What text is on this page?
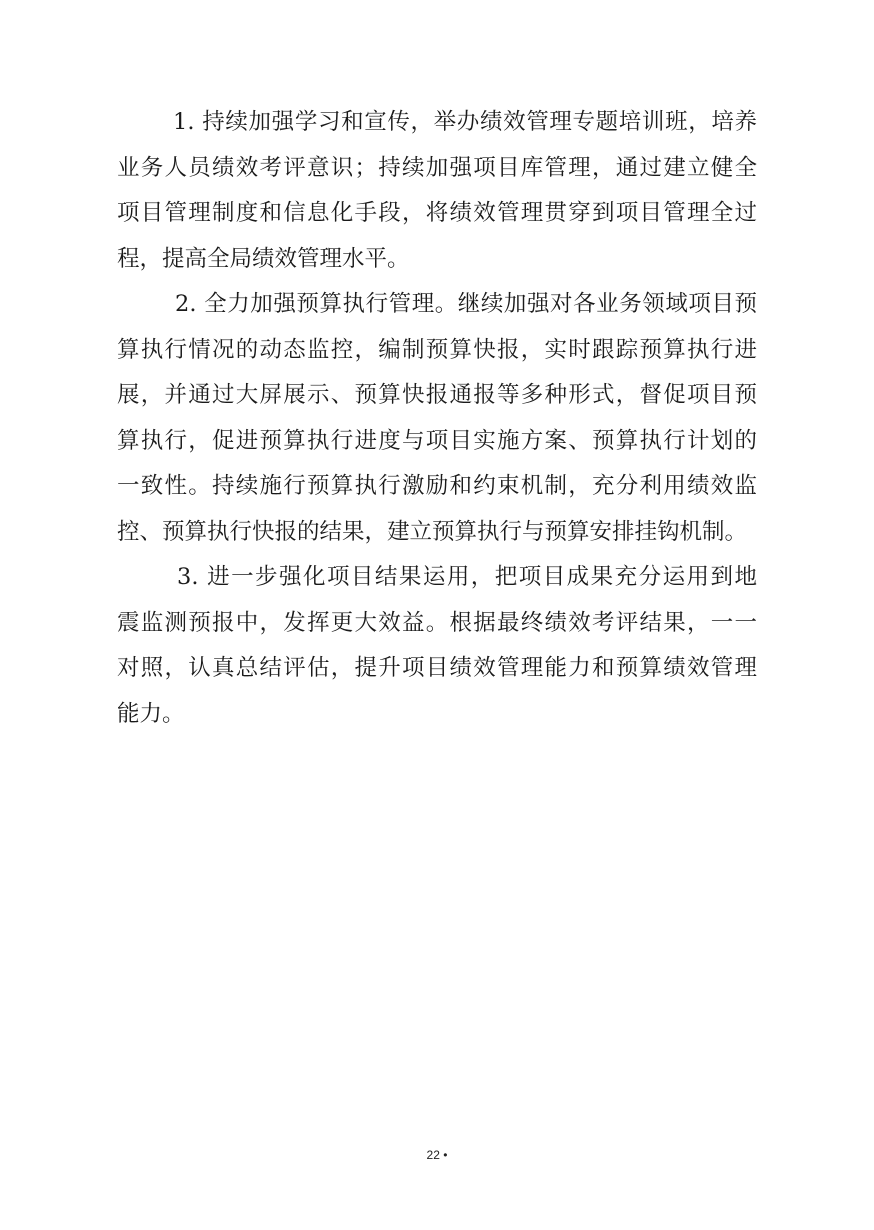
1. 持续加强学习和宣传，举办绩效管理专题培训班，培养
业务人员绩效考评意识；持续加强项目库管理，通过建立健全
项目管理制度和信息化手段，将绩效管理贯穿到项目管理全过
程，提高全局绩效管理水平。
2. 全力加强预算执行管理。继续加强对各业务领域项目预
算执行情况的动态监控，编制预算快报，实时跟踪预算执行进
展，并通过大屏展示、预算快报通报等多种形式，督促项目预
算执行，促进预算执行进度与项目实施方案、预算执行计划的
一致性。持续施行预算执行激励和约束机制，充分利用绩效监
控、预算执行快报的结果，建立预算执行与预算安排挂钩机制。
3. 进一步强化项目结果运用，把项目成果充分运用到地
震监测预报中，发挥更大效益。根据最终绩效考评结果，一一
对照，认真总结评估，提升项目绩效管理能力和预算绩效管理
能力。
22 •
